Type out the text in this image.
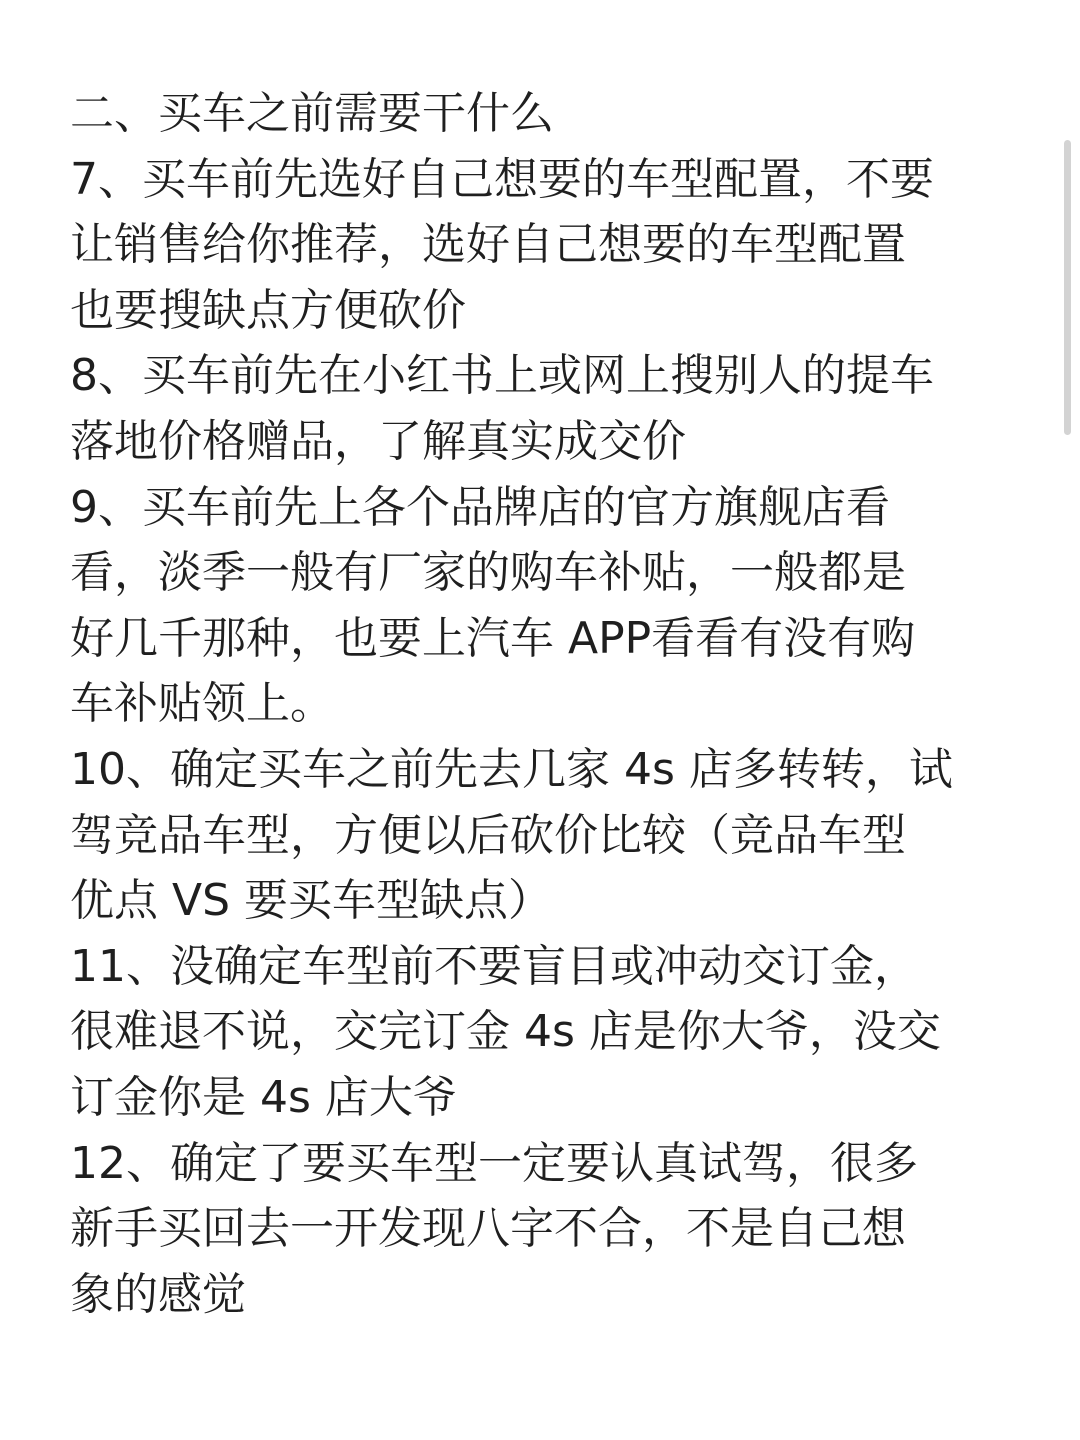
二、买车之前需要干什么
7、买车前先选好自己想要的车型配置，不要
让销售给你推荐，选好自己想要的车型配置
也要搜缺点方便砍价
8、买车前先在小红书上或网上搜别人的提车
落地价格赠品，了解真实成交价
9、买车前先上各个品牌店的官方旗舰店看
看，淡季一般有厂家的购车补贴，一般都是
好几千那种，也要上汽车 APP看看有没有购
车补贴领上。
10、确定买车之前先去几家 4s 店多转转，试
驾竞品车型，方便以后砍价比较（竞品车型
优点 VS 要买车型缺点）
11、没确定车型前不要盲目或冲动交订金，
很难退不说，交完订金 4s 店是你大爷，没交
订金你是 4s 店大爷
12、确定了要买车型一定要认真试驾，很多
新手买回去一开发现八字不合，不是自己想
象的感觉
